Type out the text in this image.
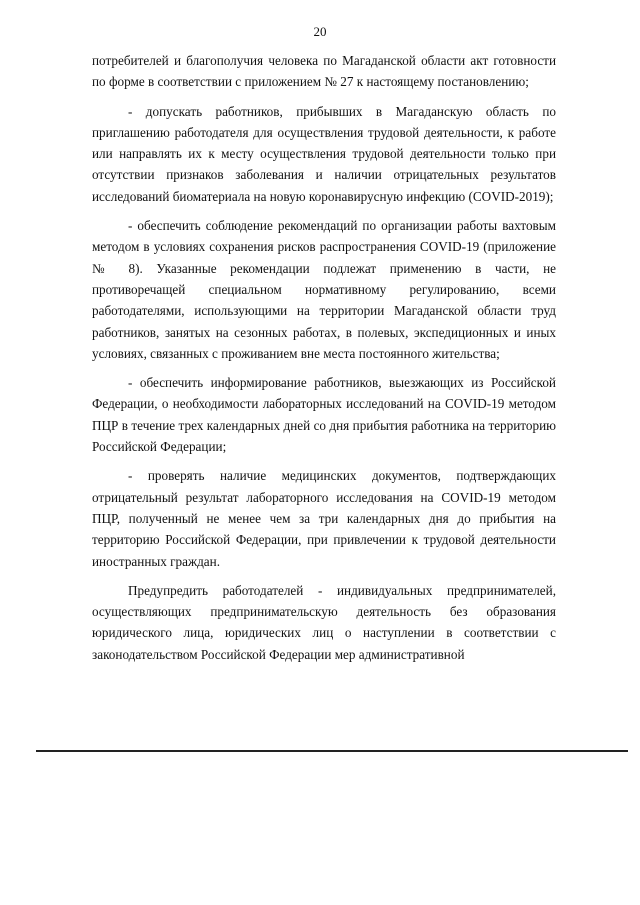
20

потребителей и благополучия человека по Магаданской области акт готовности по форме в соответствии с приложением № 27 к настоящему постановлению;

- допускать работников, прибывших в Магаданскую область по приглашению работодателя для осуществления трудовой деятельности, к работе или направлять их к месту осуществления трудовой деятельности только при отсутствии признаков заболевания и наличии отрицательных результатов исследований биоматериала на новую коронавирусную инфекцию (COVID-2019);

- обеспечить соблюдение рекомендаций по организации работы вахтовым методом в условиях сохранения рисков распространения COVID-19 (приложение № 8). Указанные рекомендации подлежат применению в части, не противоречащей специальном нормативному регулированию, всеми работодателями, использующими на территории Магаданской области труд работников, занятых на сезонных работах, в полевых, экспедиционных и иных условиях, связанных с проживанием вне места постоянного жительства;

- обеспечить информирование работников, выезжающих из Российской Федерации, о необходимости лабораторных исследований на COVID-19 методом ПЦР в течение трех календарных дней со дня прибытия работника на территорию Российской Федерации;

- проверять наличие медицинских документов, подтверждающих отрицательный результат лабораторного исследования на COVID-19 методом ПЦР, полученный не менее чем за три календарных дня до прибытия на территорию Российской Федерации, при привлечении к трудовой деятельности иностранных граждан.

Предупредить работодателей - индивидуальных предпринимателей, осуществляющих предпринимательскую деятельность без образования юридического лица, юридических лиц о наступлении в соответствии с законодательством Российской Федерации мер административной
